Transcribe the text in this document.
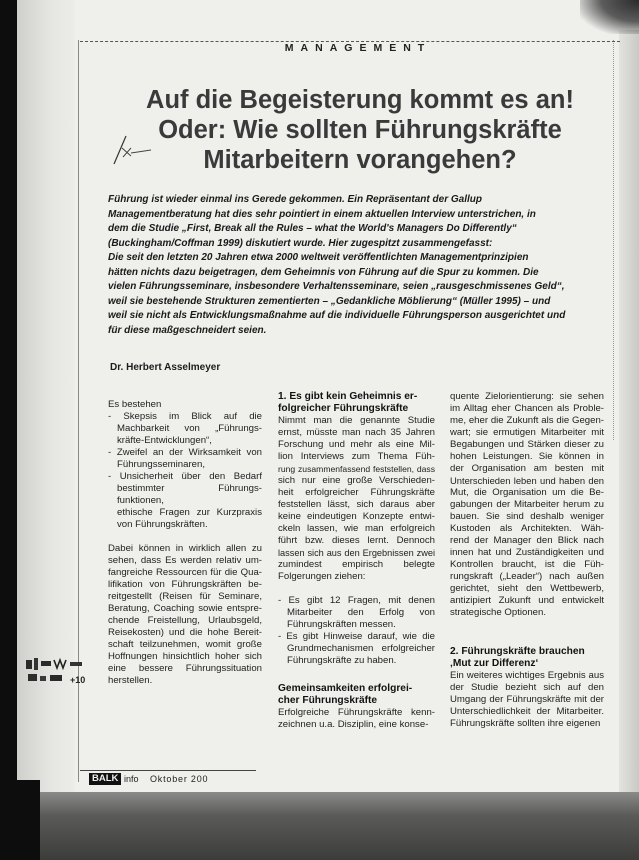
MANAGEMENT
Auf die Begeisterung kommt es an!
Oder: Wie sollten Führungskräfte
Mitarbeitern vorangehen?
Führung ist wieder einmal ins Gerede gekommen. Ein Repräsentant der Gallup
Managementberatung hat dies sehr pointiert in einem aktuellen Interview unterstrichen, in
dem die Studie „First, Break all the Rules – what the World's Managers Do Differently“
(Buckingham/Coffman 1999) diskutiert wurde. Hier zugespitzt zusammengefasst:
Die seit den letzten 20 Jahren etwa 2000 weltweit veröffentlichten Managementprinzipien
hätten nichts dazu beigetragen, dem Geheimnis von Führung auf die Spur zu kommen. Die
vielen Führungsseminare, insbesondere Verhaltensseminare, seien „rausgeschmissenes Geld“,
weil sie bestehende Strukturen zementierten – „Gedankliche Möblierung“ (Müller 1995) – und
weil sie nicht als Entwicklungsmaßnahme auf die individuelle Führungsperson ausgerichtet und
für diese maßgeschneidert seien.
Dr. Herbert Asselmeyer
Es bestehen
- Skepsis im Blick auf die
Machbarkeit von „Führungs-
kräfte-Entwicklungen“,
- Zweifel an der Wirksamkeit von
Führungsseminaren,
- Unsicherheit über den Bedarf
bestimmter Führungs-
funktionen,
ethische Fragen zur Kurzpraxis
von Führungskräften.
Dabei können in wirklich allen zu
sehen, dass Es werden relativ um-
fangreiche Ressourcen für die Qua-
lifikation von Führungskräften be-
reitgestellt (Reisen für Seminare,
Beratung, Coaching sowie entspre-
chende Freistellung, Urlaubsgeld,
Reisekosten) und die hohe Bereit-
schaft teilzunehmen, womit große
Hoffnungen hinsichtlich hoher sich
eine bessere Führungssituation
herstellen.
1. Es gibt kein Geheimnis er-
folgreicher Führungskräfte
Nimmt man die genannte Studie
ernst, müsste man nach 35 Jahren
Forschung und mehr als eine Mil-
lion Interviews zum Thema Füh-
rung zusammenfassend feststellen, dass
sich nur eine große Verschieden-
heit erfolgreicher Führungskräfte
feststellen lässt, sich daraus aber
keine eindeutigen Konzepte entwi-
ckeln lassen, wie man erfolgreich
führt bzw. dieses lernt. Dennoch
lassen sich aus den Ergebnissen zwei
zumindest empirisch belegte
Folgerungen ziehen:
- Es gibt 12 Fragen, mit denen
Mitarbeiter den Erfolg von
Führungskräften messen.
- Es gibt Hinweise darauf, wie die
Grundmechanismen erfolgreicher
Führungskräfte zu haben.
Gemeinsamkeiten erfolgrei-
cher Führungskräfte
Erfolgreiche Führungskräfte kenn-
zeichnen u.a. Disziplin, eine konse-
quente Zielorientierung: sie sehen
im Alltag eher Chancen als Proble-
me, eher die Zukunft als die Gegen-
wart; sie ermutigen Mitarbeiter mit
Begabungen und Stärken dieser zu
hohen Leistungen. Sie können in
der Organisation am besten mit
Unterschieden leben und haben den
Mut, die Organisation um die Be-
gabungen der Mitarbeiter herum zu
bauen. Sie sind deshalb weniger
Kustoden als Architekten. Wäh-
rend der Manager den Blick nach
innen hat und Zuständigkeiten und
Kontrollen braucht, ist die Füh-
rungskraft („Leader“) nach außen
gerichtet, sieht den Wettbewerb,
antizipiert Zukunft und entwickelt
strategische Optionen.
2. Führungskräfte brauchen
‚Mut zur Differenz‘
Ein weiteres wichtiges Ergebnis aus
der Studie bezieht sich auf den
Umgang der Führungskräfte mit der
Unterschiedlichkeit der Mitarbeiter.
Führungskräfte sollten ihre eigenen
+10
BALK info Oktober 200
